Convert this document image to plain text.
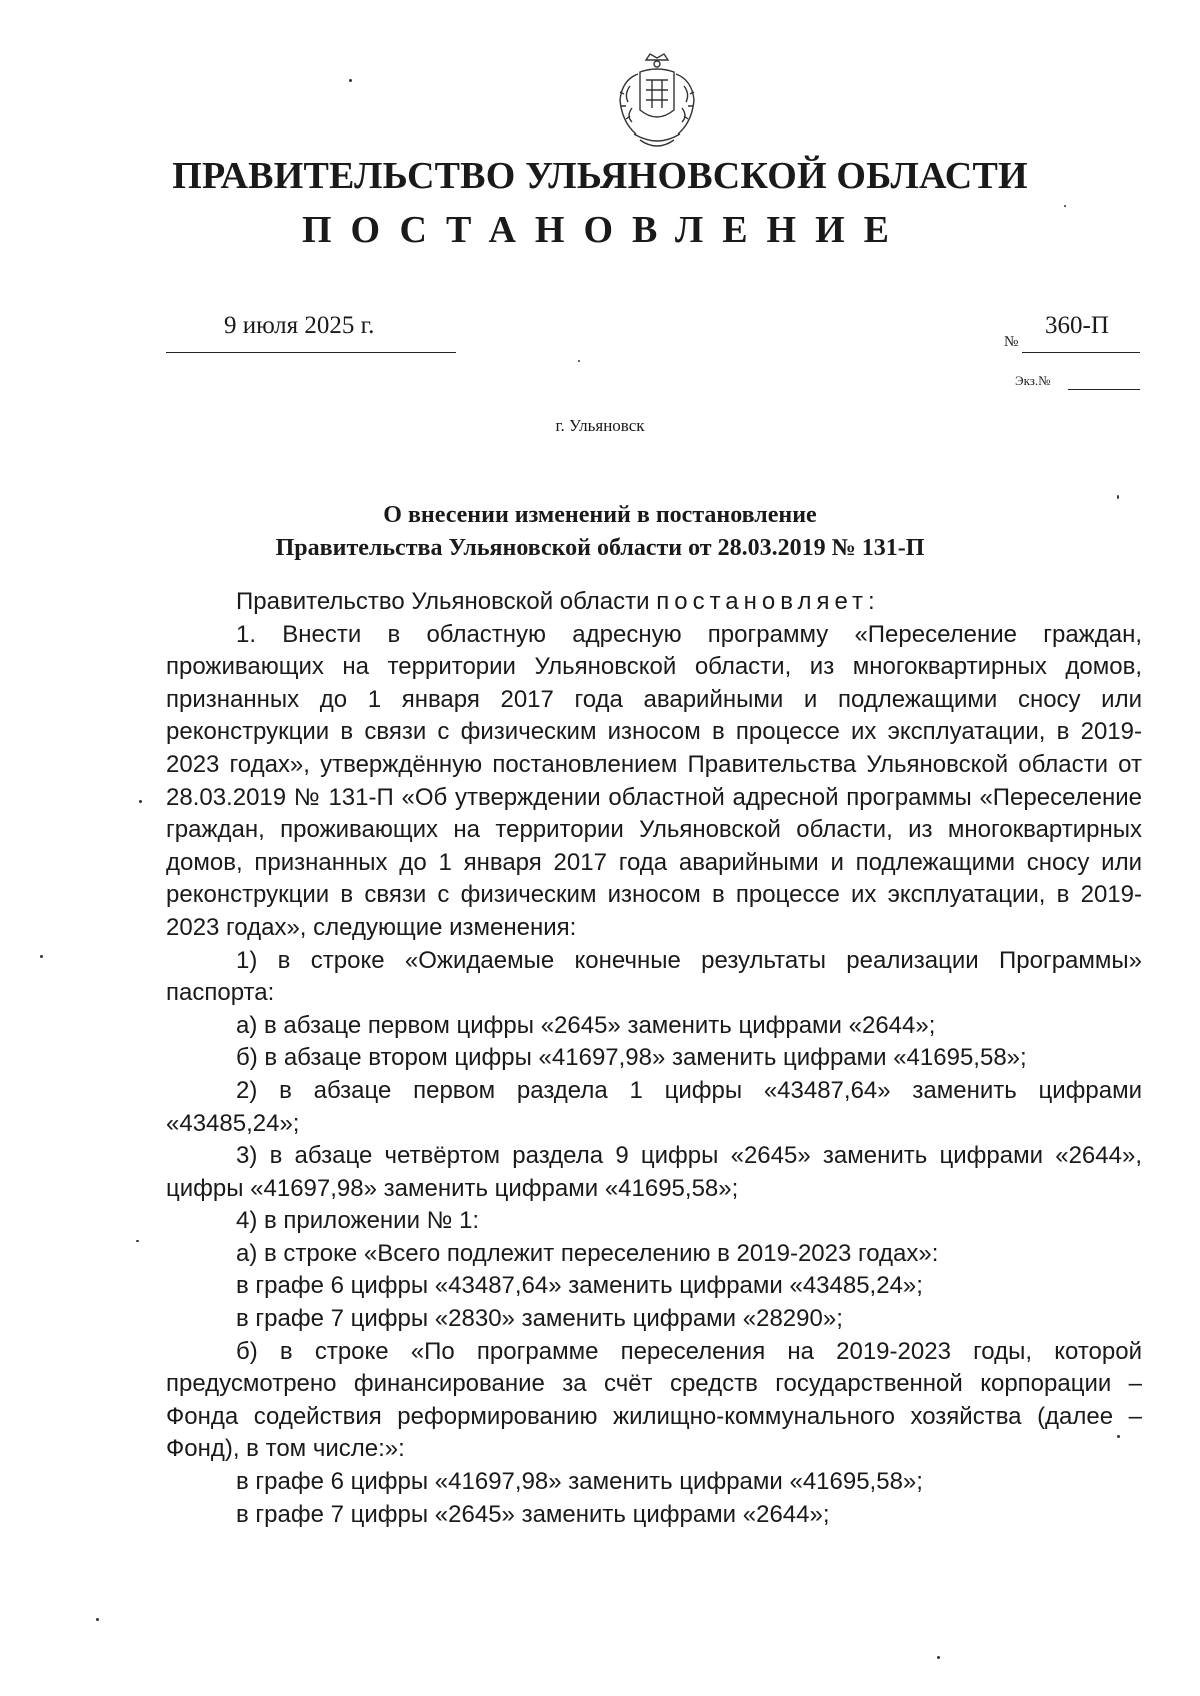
ПРАВИТЕЛЬСТВО УЛЬЯНОВСКОЙ ОБЛАСТИ
ПОСТАНОВЛЕНИЕ
9 июля 2025 г.
№
360-П
Экз.№
г. Ульяновск
О внесении изменений в постановление
Правительства Ульяновской области от 28.03.2019 № 131-П

Правительство Ульяновской области постановляет:

1. Внести в областную адресную программу «Переселение граждан, проживающих на территории Ульяновской области, из многоквартирных домов, признанных до 1 января 2017 года аварийными и подлежащими сносу или реконструкции в связи с физическим износом в процессе их эксплуатации, в 2019-2023 годах», утверждённую постановлением Правительства Ульяновской области от 28.03.2019 № 131-П «Об утверждении областной адресной программы «Переселение граждан, проживающих на территории Ульяновской области, из многоквартирных домов, признанных до 1 января 2017 года аварийными и подлежащими сносу или реконструкции в связи с физическим износом в процессе их эксплуатации, в 2019-2023 годах», следующие изменения:

1) в строке «Ожидаемые конечные результаты реализации Программы» паспорта:

а) в абзаце первом цифры «2645» заменить цифрами «2644»;

б) в абзаце втором цифры «41697,98» заменить цифрами «41695,58»;

2) в абзаце первом раздела 1 цифры «43487,64» заменить цифрами «43485,24»;

3) в абзаце четвёртом раздела 9 цифры «2645» заменить цифрами «2644», цифры «41697,98» заменить цифрами «41695,58»;

4) в приложении № 1:

а) в строке «Всего подлежит переселению в 2019-2023 годах»:

в графе 6 цифры «43487,64» заменить цифрами «43485,24»;

в графе 7 цифры «2830» заменить цифрами «28290»;

б) в строке «По программе переселения на 2019-2023 годы, которой предусмотрено финансирование за счёт средств государственной корпорации – Фонда содействия реформированию жилищно-коммунального хозяйства (далее – Фонд), в том числе:»:

в графе 6 цифры «41697,98» заменить цифрами «41695,58»;

в графе 7 цифры «2645» заменить цифрами «2644»;
